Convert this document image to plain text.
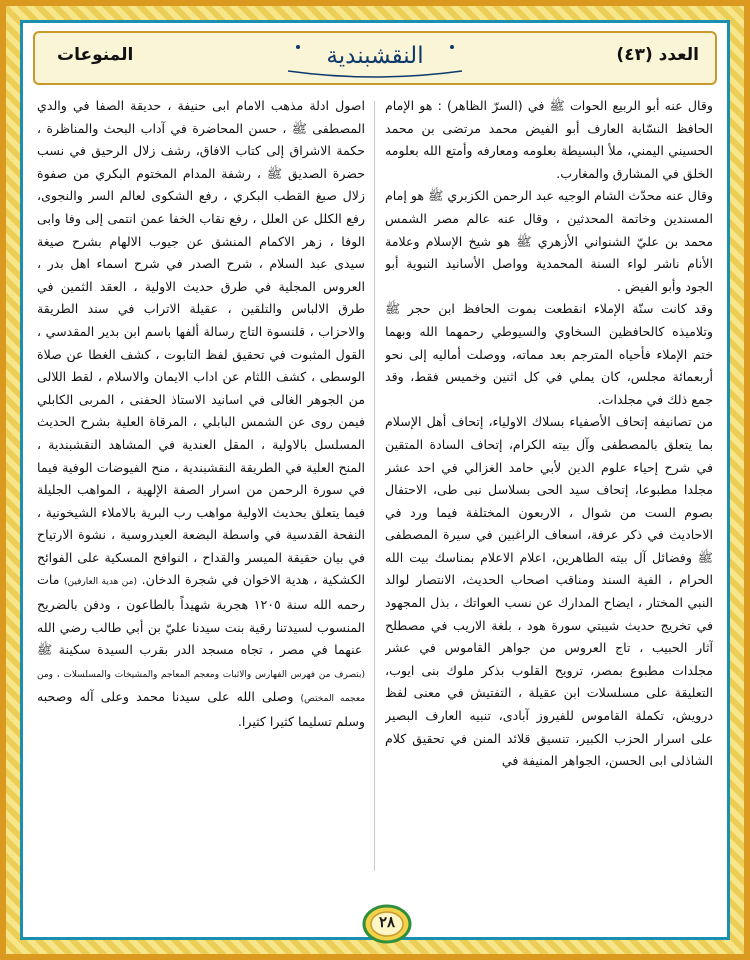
العدد (٤٣)
النقشبندية
المنوعات

وقال عنه أبو الربيع الحوات ﷺ في (السرّ الظاهر) : هو الإمام الحافظ النسّابة العارف أبو الفيض محمد مرتضى بن محمد الحسيني اليمني، ملأ البسيطة بعلومه ومعارفه وأمتع الله بعلومه الخلق في المشارق والمغارب.

وقال عنه محدّث الشام الوجيه عبد الرحمن الكزبري ﷺ هو إمام المسندين وخاتمة المحدثين ، وقال عنه عالم مصر الشمس محمد بن عليّ الشنواني الأزهري ﷺ هو شيخ الإسلام وعلامة الأنام ناشر لواء السنة المحمدية وواصل الأسانيد النبوية أبو الجود وأبو الفيض .

وقد كانت سنّة الإملاء انقطعت بموت الحافظ ابن حجر ﷺ وتلاميذه كالحافظين السخاوي والسيوطي رحمهما الله وبهما ختم الإملاء فأحياه المترجم بعد مماته، ووصلت أماليه إلى نحو أربعمائة مجلس، كان يملي في كل اثنين وخميس فقط، وقد جمع ذلك في مجلدات.

من تصانيفه إتحاف الأصفياء بسلاك الاولياء، إتحاف أهل الإسلام بما يتعلق بالمصطفى وآل بيته الكرام، إتحاف السادة المتقين في شرح إحياء علوم الدين لأبي حامد الغزالي في احد عشر مجلدا مطبوعا، إتحاف سيد الحى بسلاسل نبى طى، الاحتفال بصوم الست من شوال ، الاربعون المختلفة فيما ورد في الاحاديث في ذكر عرفة، اسعاف الراغبين في سيرة المصطفى ﷺ وفضائل آل بيته الطاهرين، اعلام الاعلام بمناسك بيت الله الحرام ، الفية السند ومناقب اصحاب الحديث، الانتصار لوالد النبي المختار ، ايضاح المدارك عن نسب العواتك ، بذل المجهود في تخريج حديث شيبتي سورة هود ، بلغة الاريب في مصطلح آثار الحبيب ، تاج العروس من جواهر القاموس في عشر مجلدات مطبوع بمصر، ترويح القلوب بذكر ملوك بنى ايوب، التعليقة على مسلسلات ابن عقيلة ، التفتيش في معنى لفظ درويش، تكملة القاموس للفيروز آبادى، تنبيه العارف البصير على اسرار الحزب الكبير، تنسيق قلائد المنن في تحقيق كلام الشاذلى ابى الحسن، الجواهر المنيفة في

اصول ادلة مذهب الامام ابى حنيفة ، حديقة الصفا في والدي المصطفى ﷺ ، حسن المحاضرة في آداب البحث والمناظرة ، حكمة الاشراق إلى كتاب الافاق، رشف زلال الرحيق في نسب حضرة الصديق ﷺ ، رشفة المدام المختوم البكري من صفوة زلال صبغ القطب البكري ، رفع الشكوى لعالم السر والنجوى، رفع الكلل عن العلل ، رفع نقاب الخفا عمن انتمى إلى وفا وابى الوفا ، زهر الاكمام المنشق عن جيوب الالهام بشرح صيغة سيدى عبد السلام ، شرح الصدر في شرح اسماء اهل بدر ، العروس المجلية في طرق حديث الاولية ، العقد الثمين في طرق الالباس والتلقين ، عقيلة الاتراب في سند الطريقة والاحزاب ، قلنسوة التاج رسالة ألفها باسم ابن بدير المقدسي ، القول المثبوت في تحقيق لفظ التابوت ، كشف الغطا عن صلاة الوسطى ، كشف اللثام عن اداب الايمان والاسلام ، لقط اللالى من الجوهر الغالى في اسانيد الاستاذ الحفنى ، المربى الكابلي فيمن روى عن الشمس البابلي ، المرقاة العلية بشرح الحديث المسلسل بالاولية ، المقل العندية في المشاهد النقشبندية ، المنح العلية في الطريقة النقشبندية ، منح الفيوضات الوفية فيما في سورة الرحمن من اسرار الصفة الإلهية ، المواهب الجليلة فيما يتعلق بحديث الاولية مواهب رب البرية بالاملاء الشيخونية ، النفحة القدسية في واسطة البضعة العيدروسية ، نشوة الارتياح في بيان حقيقة الميسر والقداح ، النوافح المسكية على الفوائح الكشكية ، هدية الاخوان في شجرة الدخان. (من هدية العارفين) مات رحمه الله سنة ١٢٠٥ هجرية شهيداً بالطاعون ، ودفن بالضريح المنسوب لسيدتنا رقية بنت سيدنا عليّ بن أبي طالب رضي الله عنهما في مصر ، تجاه مسجد الدر بقرب السيدة سكينة ﷺ (بتصرف من فهرس الفهارس والاثبات ومعجم المعاجم والمشيخات والمسلسلات ، ومن معجمه المختص) وصلى الله على سيدنا محمد وعلى آله وصحبه وسلم تسليما كثيرا كثيرا.

٢٨
